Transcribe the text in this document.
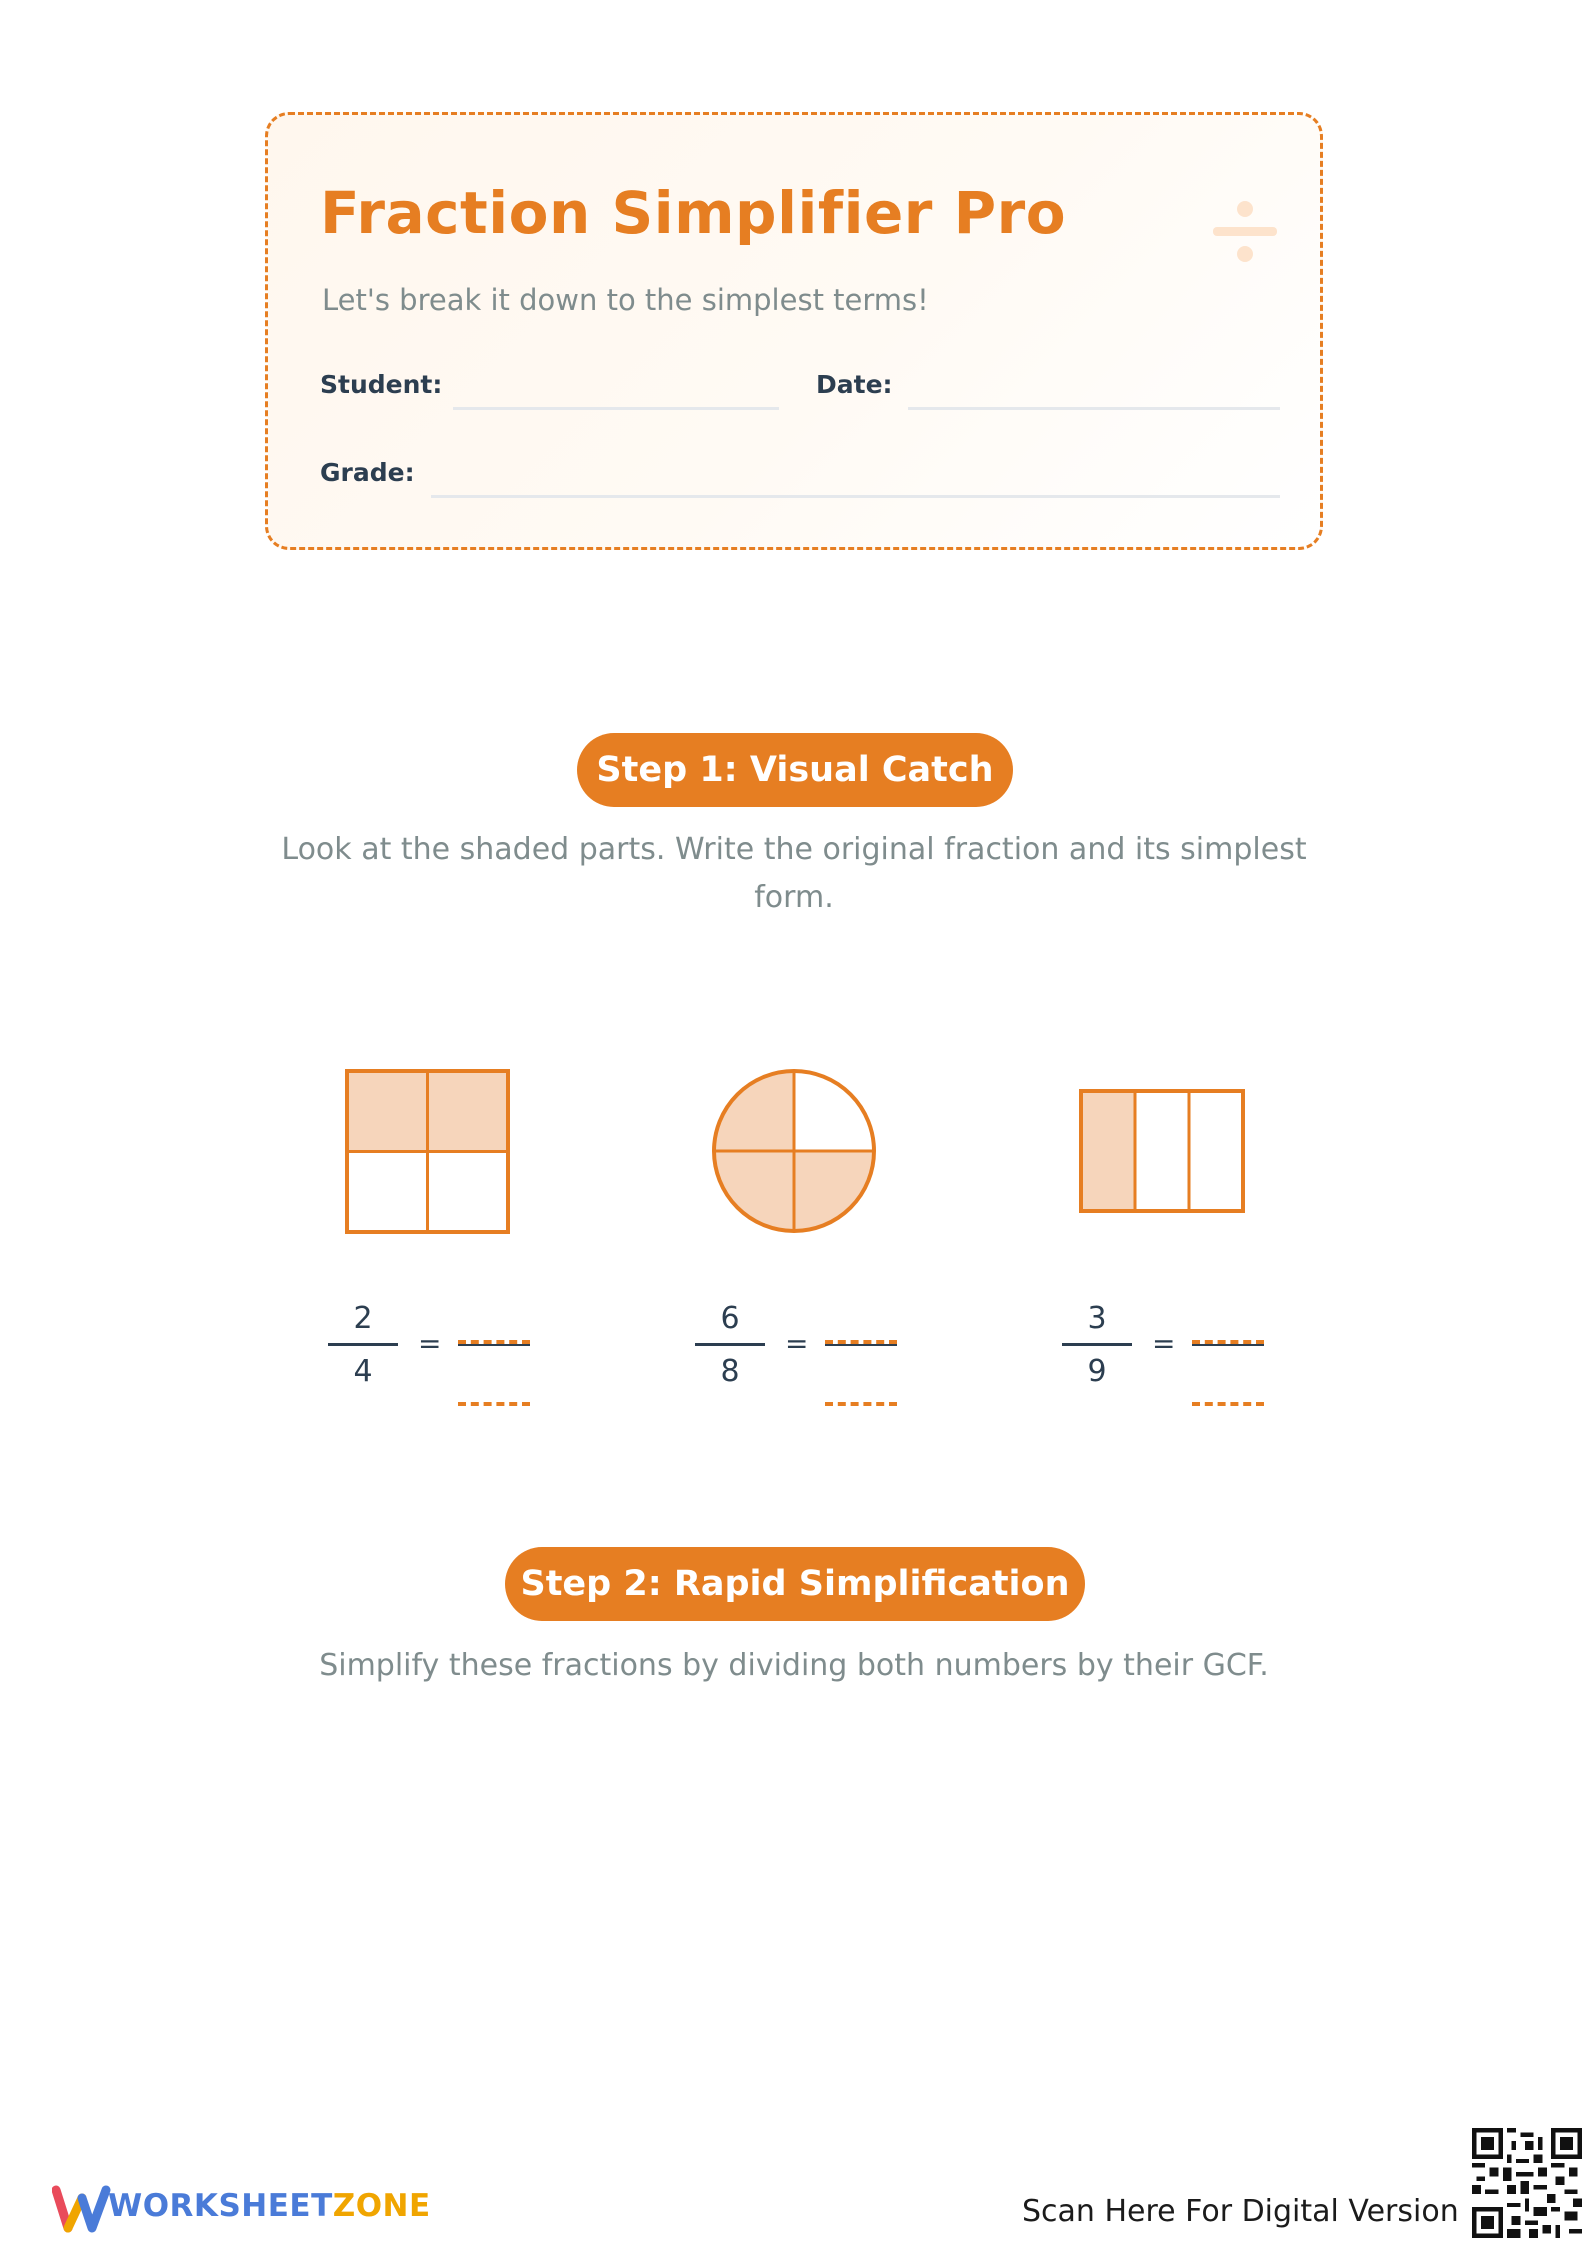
Fraction Simplifier Pro
Let's break it down to the simplest terms!
Student:	Date:
Grade:
Step 1: Visual Catch
Look at the shaded parts. Write the original fraction and its simplest form.
2
4
=
6
8
=
3
9
=
Step 2: Rapid Simplification
Simplify these fractions by dividing both numbers by their GCF.
WORKSHEETZONE	Scan Here For Digital Version
